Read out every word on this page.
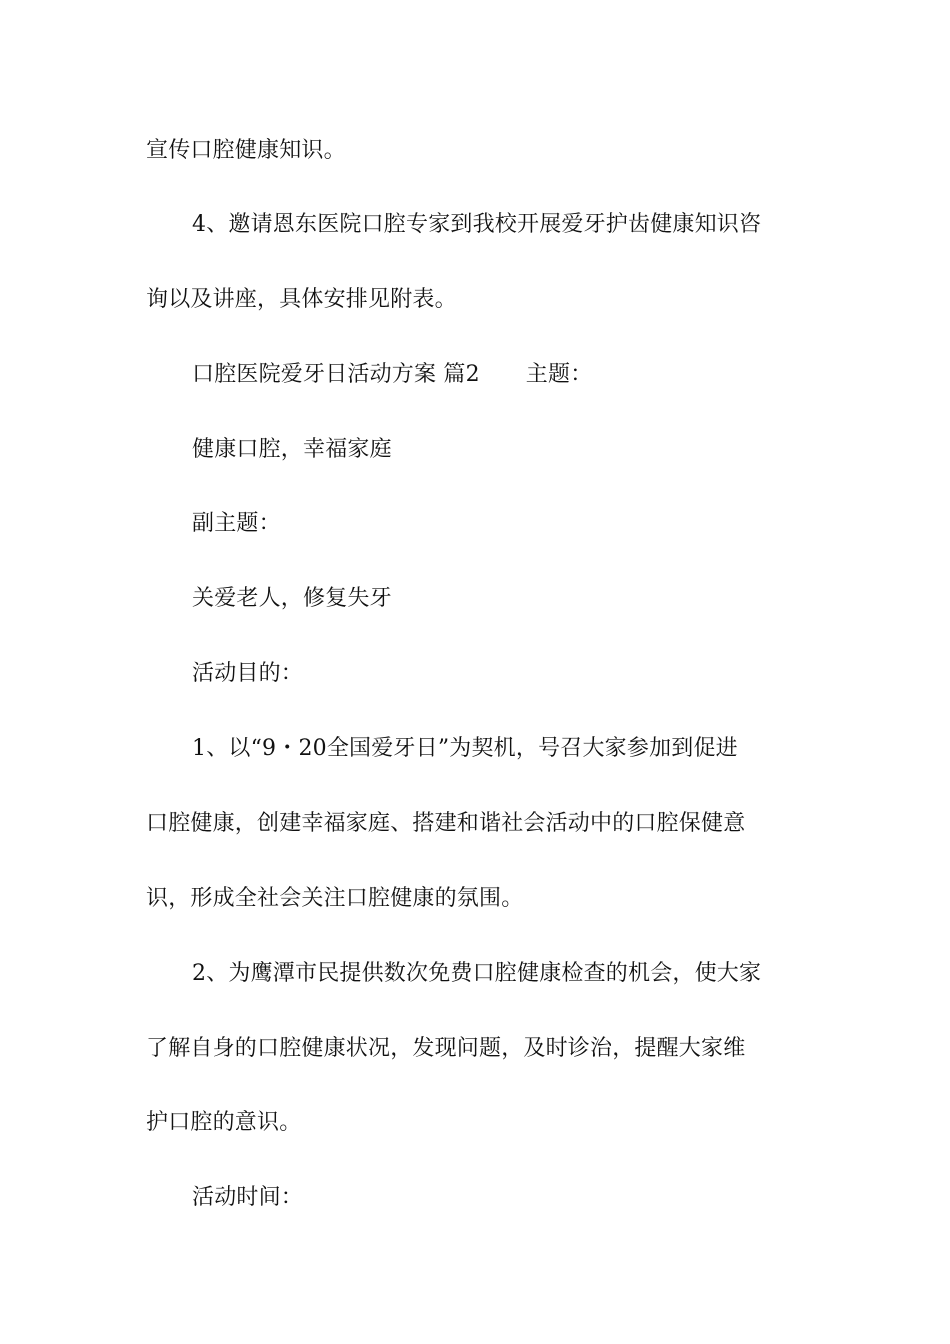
宣传口腔健康知识。
4、邀请恩东医院口腔专家到我校开展爱牙护齿健康知识咨
询以及讲座，具体安排见附表。
口腔医院爱牙日活动方案 篇2 主题：
健康口腔，幸福家庭
副主题：
关爱老人，修复失牙
活动目的：
1、以“9・20全国爱牙日”为契机，号召大家参加到促进
口腔健康，创建幸福家庭、搭建和谐社会活动中的口腔保健意
识，形成全社会关注口腔健康的氛围。
2、为鹰潭市民提供数次免费口腔健康检查的机会，使大家
了解自身的口腔健康状况，发现问题，及时诊治，提醒大家维
护口腔的意识。
活动时间：
